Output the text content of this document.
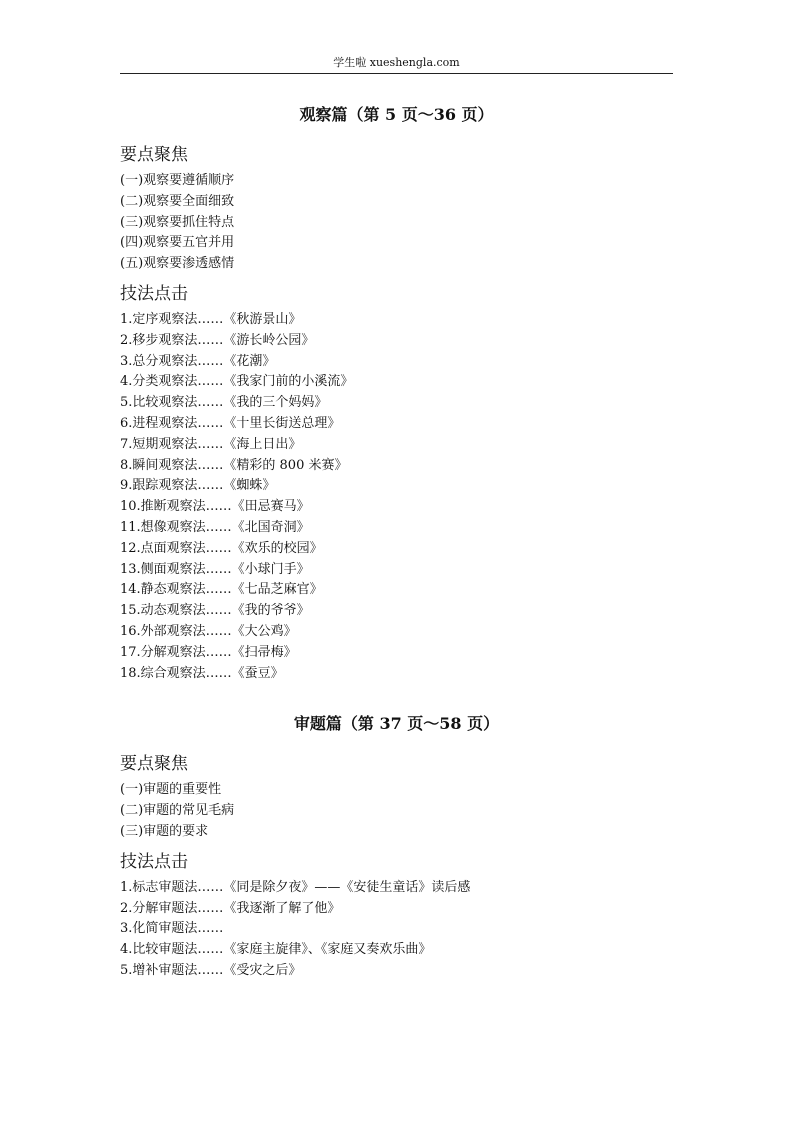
学生啦 xueshengla.com
观察篇（第 5 页～36 页）
要点聚焦
(一)观察要遵循顺序
(二)观察要全面细致
(三)观察要抓住特点
(四)观察要五官并用
(五)观察要渗透感情
技法点击
1.定序观察法……《秋游景山》
2.移步观察法……《游长岭公园》
3.总分观察法……《花潮》
4.分类观察法……《我家门前的小溪流》
5.比较观察法……《我的三个妈妈》
6.进程观察法……《十里长街送总理》
7.短期观察法……《海上日出》
8.瞬间观察法……《精彩的 800 米赛》
9.跟踪观察法……《蜘蛛》
10.推断观察法……《田忌赛马》
11.想像观察法……《北国奇洞》
12.点面观察法……《欢乐的校园》
13.侧面观察法……《小球门手》
14.静态观察法……《七品芝麻官》
15.动态观察法……《我的爷爷》
16.外部观察法……《大公鸡》
17.分解观察法……《扫帚梅》
18.综合观察法……《蚕豆》
审题篇（第 37 页～58 页）
要点聚焦
(一)审题的重要性
(二)审题的常见毛病
(三)审题的要求
技法点击
1.标志审题法……《同是除夕夜》——《安徒生童话》读后感
2.分解审题法……《我逐渐了解了他》
3.化简审题法……
4.比较审题法……《家庭主旋律》、《家庭又奏欢乐曲》
5.增补审题法……《受灾之后》
